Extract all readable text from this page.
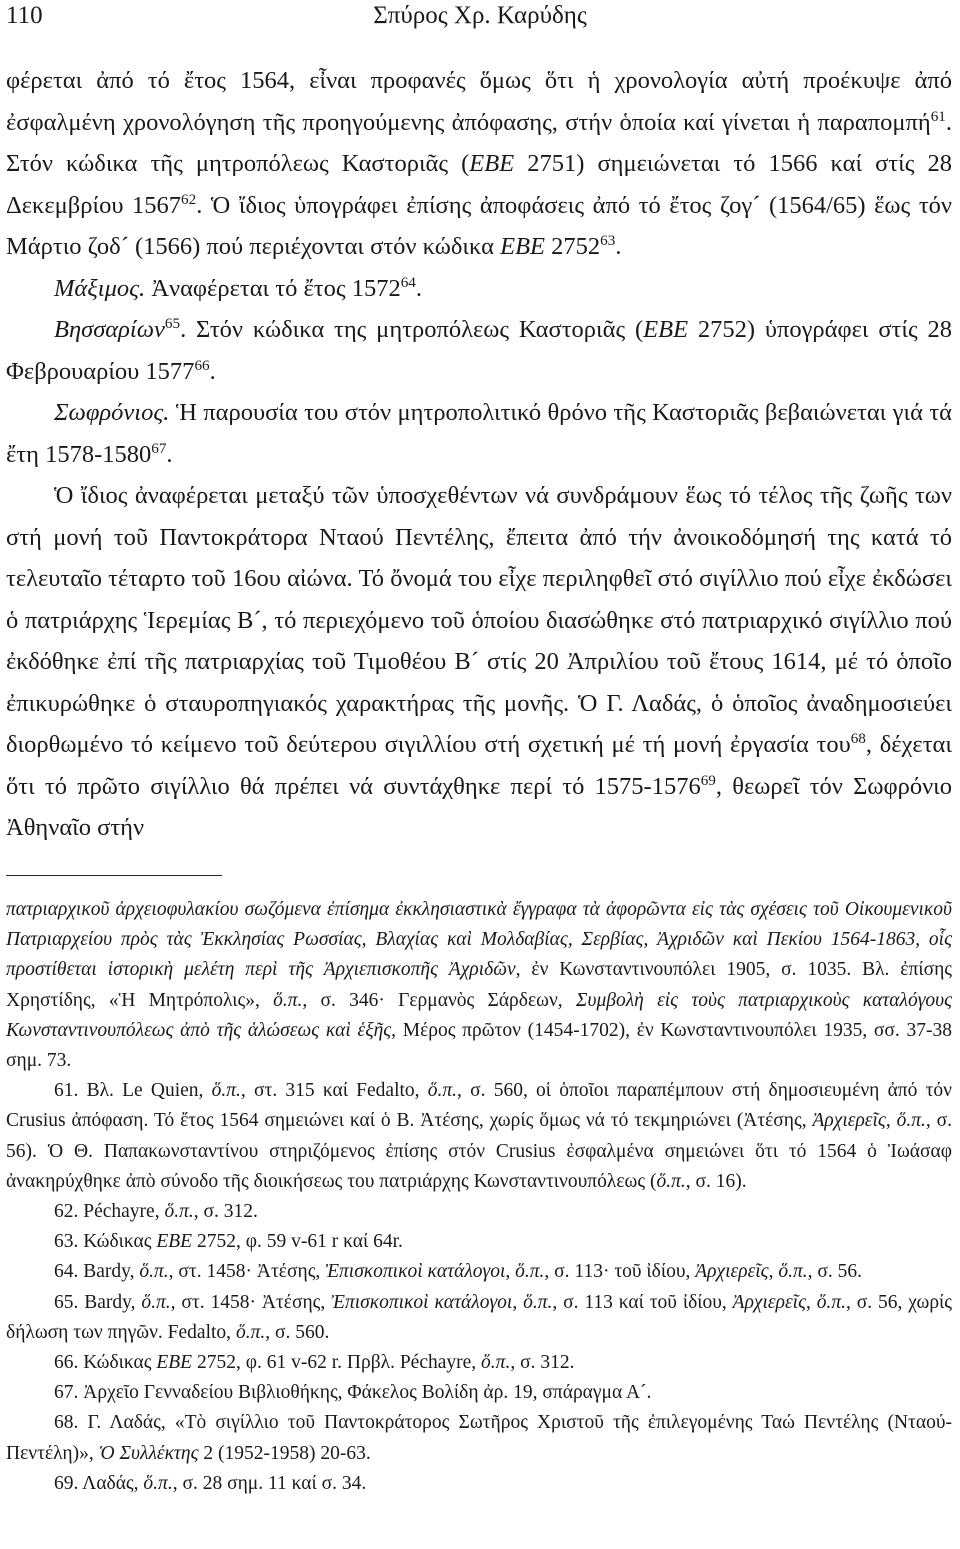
110	Σπύρος Χρ. Καρύδης

φέρεται ἀπό τό ἔτος 1564, εἶναι προφανές ὅμως ὅτι ἡ χρονολογία αὐτή προέκυψε ἀπό ἐσφαλμένη χρονολόγηση τῆς προηγούμενης ἀπόφασης, στήν ὁποία καί γίνεται ἡ παραπομπή$^{61}$. Στόν κώδικα τῆς μητροπόλεως Καστοριᾶς (ΕΒΕ 2751) σημειώνεται τό 1566 καί στίς 28 Δεκεμβρίου 1567$^{62}$. Ὁ ἴδιος ὑπογράφει ἐπίσης ἀποφάσεις ἀπό τό ἔτος ζογ´ (1564/65) ἕως τόν Μάρτιο ζοδ´ (1566) πού περιέχονται στόν κώδικα ΕΒΕ 2752$^{63}$.

Μάξιμος. Ἀναφέρεται τό ἔτος 1572$^{64}$.

Βησσαρίων$^{65}$. Στόν κώδικα της μητροπόλεως Καστοριᾶς (ΕΒΕ 2752) ὑπογράφει στίς 28 Φεβρουαρίου 1577$^{66}$.

Σωφρόνιος. Ἡ παρουσία του στόν μητροπολιτικό θρόνο τῆς Καστοριᾶς βεβαιώνεται γιά τά ἔτη 1578-1580$^{67}$.

Ὁ ἴδιος ἀναφέρεται μεταξύ τῶν ὑποσχεθέντων νά συνδράμουν ἕως τό τέλος τῆς ζωῆς των στή μονή τοῦ Παντοκράτορα Νταού Πεντέλης, ἔπειτα ἀπό τήν ἀνοικοδόμησή της κατά τό τελευταῖο τέταρτο τοῦ 16ου αἰώνα. Τό ὄνομά του εἶχε περιληφθεῖ στό σιγίλλιο πού εἶχε ἐκδώσει ὁ πατριάρχης Ἱερεμίας Β´, τό περιεχόμενο τοῦ ὁποίου διασώθηκε στό πατριαρχικό σιγίλλιο πού ἐκδόθηκε ἐπί τῆς πατριαρχίας τοῦ Τιμοθέου Β´ στίς 20 Ἀπριλίου τοῦ ἔτους 1614, μέ τό ὁποῖο ἐπικυρώθηκε ὁ σταυροπηγιακός χαρακτήρας τῆς μονῆς. Ὁ Γ. Λαδάς, ὁ ὁποῖος ἀναδημοσιεύει διορθωμένο τό κείμενο τοῦ δεύτερου σιγιλλίου στή σχετική μέ τή μονή ἐργασία του$^{68}$, δέχεται ὅτι τό πρῶτο σιγίλλιο θά πρέπει νά συντάχθηκε περί τό 1575-1576$^{69}$, θεωρεῖ τόν Σωφρόνιο Ἀθηναῖο στήν

πατριαρχικοῦ ἀρχειοφυλακίου σωζόμενα ἐπίσημα ἐκκλησιαστικὰ ἔγγραφα τὰ ἀφορῶντα εἰς τὰς σχέσεις τοῦ Οἰκουμενικοῦ Πατριαρχείου πρὸς τὰς Ἐκκλησίας Ρωσσίας, Βλαχίας καὶ Μολδαβίας, Σερβίας, Ἀχριδῶν καὶ Πεκίου 1564-1863, οἷς προστίθεται ἱστορικὴ μελέτη περὶ τῆς Ἀρχιεπισκοπῆς Ἀχριδῶν, ἐν Κωνσταντινουπόλει 1905, σ. 1035. Βλ. ἐπίσης Χρηστίδης, «Ἡ Μητρόπολις», ὅ.π., σ. 346· Γερμανὸς Σάρδεων, Συμβολὴ εἰς τοὺς πατριαρχικοὺς καταλόγους Κωνσταντινουπόλεως ἀπὸ τῆς ἁλώσεως καὶ ἑξῆς, Μέρος πρῶτον (1454-1702), ἐν Κωνσταντινουπόλει 1935, σσ. 37-38 σημ. 73.

61. Βλ. Le Quien, ὅ.π., στ. 315 καί Fedalto, ὅ.π., σ. 560, οἱ ὁποῖοι παραπέμπουν στή δημοσιευμένη ἀπό τόν Crusius ἀπόφαση. Τό ἔτος 1564 σημειώνει καί ὁ Β. Ἀτέσης, χωρίς ὅμως νά τό τεκμηριώνει (Ἀτέσης, Ἀρχιερεῖς, ὅ.π., σ. 56). Ὁ Θ. Παπακωνσταντίνου στηριζόμενος ἐπίσης στόν Crusius ἐσφαλμένα σημειώνει ὅτι τό 1564 ὁ Ἰωάσαφ ἀνακηρύχθηκε ἀπὸ σύνοδο τῆς διοικήσεως του πατριάρχης Κωνσταντινουπόλεως (ὅ.π., σ. 16).

62. Péchayre, ὅ.π., σ. 312.

63. Κώδικας ΕΒΕ 2752, φ. 59 v-61 r καί 64r.

64. Bardy, ὅ.π., στ. 1458· Ἀτέσης, Ἐπισκοπικοὶ κατάλογοι, ὅ.π., σ. 113· τοῦ ἰδίου, Ἀρχιερεῖς, ὅ.π., σ. 56.

65. Bardy, ὅ.π., στ. 1458· Ἀτέσης, Ἐπισκοπικοὶ κατάλογοι, ὅ.π., σ. 113 καί τοῦ ἰδίου, Ἀρχιερεῖς, ὅ.π., σ. 56, χωρίς δήλωση των πηγῶν. Fedalto, ὅ.π., σ. 560.

66. Κώδικας ΕΒΕ 2752, φ. 61 v-62 r. Πρβλ. Péchayre, ὅ.π., σ. 312.

67. Ἀρχεῖο Γενναδείου Βιβλιοθήκης, Φάκελος Βολίδη ἀρ. 19, σπάραγμα Α´.

68. Γ. Λαδάς, «Τὸ σιγίλλιο τοῦ Παντοκράτορος Σωτῆρος Χριστοῦ τῆς ἐπιλεγομένης Ταώ Πεντέλης (Νταού-Πεντέλη)», Ὁ Συλλέκτης 2 (1952-1958) 20-63.

69. Λαδάς, ὅ.π., σ. 28 σημ. 11 καί σ. 34.
